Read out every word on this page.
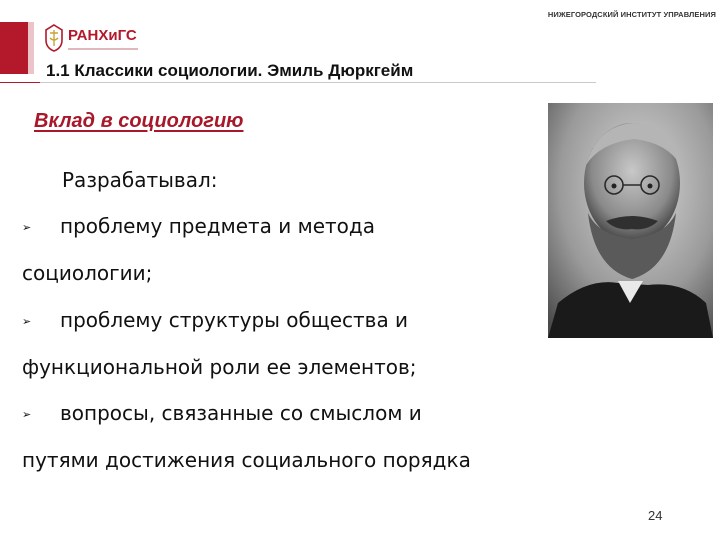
РАНХиГС
НИЖЕГОРОДСКИЙ ИНСТИТУТ УПРАВЛЕНИЯ
1.1 Классики социологии. Эмиль Дюркгейм
Вклад в социологию
Разрабатывал:
➢ проблему предмета и метода
социологии;
➢ проблему структуры общества и
функциональной роли ее элементов;
➢ вопросы, связанные со смыслом и
путями достижения социального порядка
24
